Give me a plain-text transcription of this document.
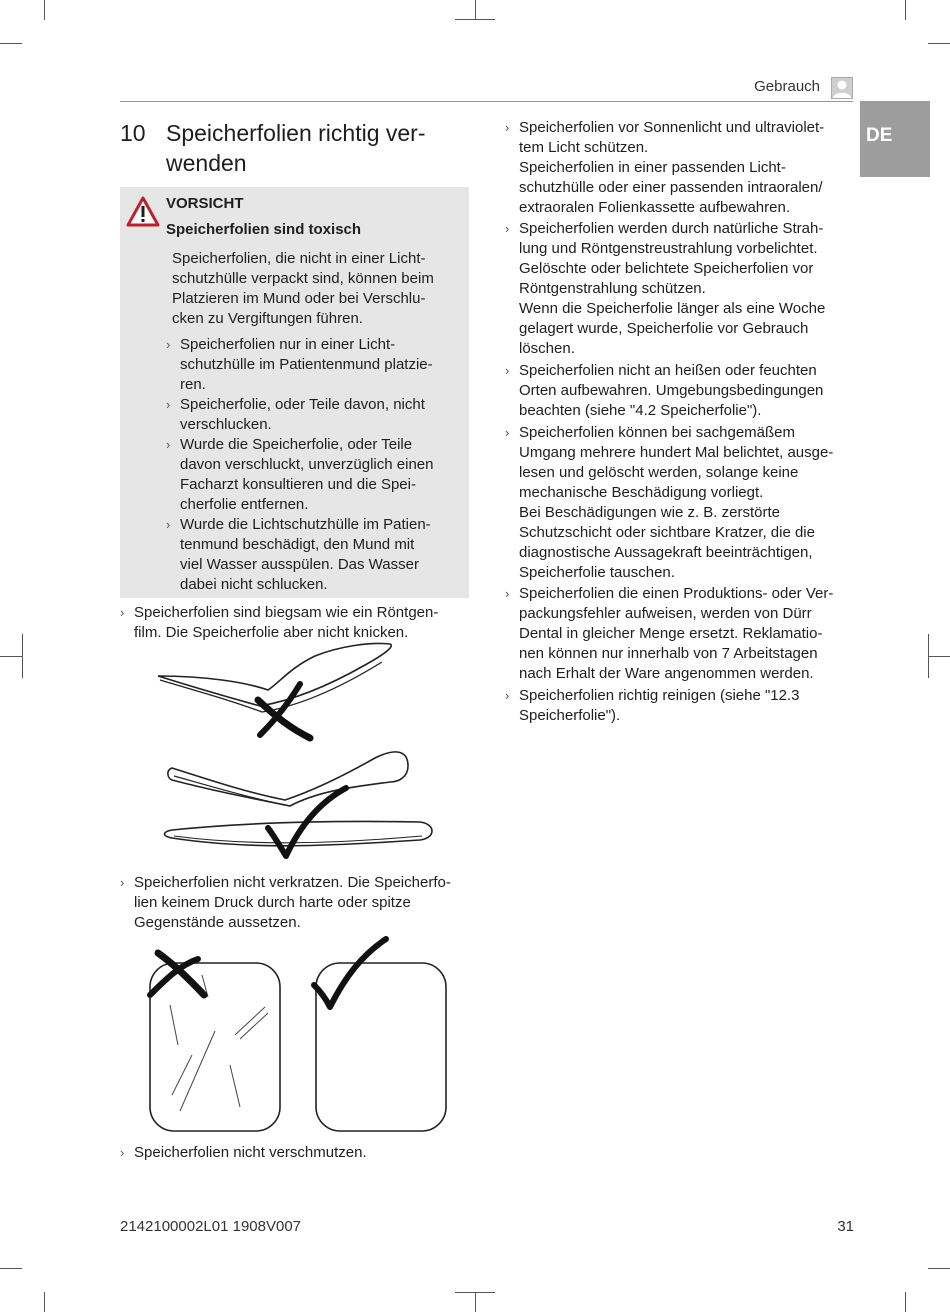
Gebrauch
DE
10 Speicherfolien richtig ver-
wenden
VORSICHT
Speicherfolien sind toxisch
Speicherfolien, die nicht in einer Licht-
schutzhülle verpackt sind, können beim
Platzieren im Mund oder bei Verschlu-
cken zu Vergiftungen führen.
› Speicherfolien nur in einer Licht-
schutzhülle im Patientenmund platzie-
ren.
› Speicherfolie, oder Teile davon, nicht
verschlucken.
› Wurde die Speicherfolie, oder Teile
davon verschluckt, unverzüglich einen
Facharzt konsultieren und die Spei-
cherfolie entfernen.
› Wurde die Lichtschutzhülle im Patien-
tenmund beschädigt, den Mund mit
viel Wasser ausspülen. Das Wasser
dabei nicht schlucken.
› Speicherfolien sind biegsam wie ein Röntgen-
film. Die Speicherfolie aber nicht knicken.
› Speicherfolien nicht verkratzen. Die Speicherfo-
lien keinem Druck durch harte oder spitze
Gegenstände aussetzen.
› Speicherfolien nicht verschmutzen.
› Speicherfolien vor Sonnenlicht und ultraviolet-
tem Licht schützen.
Speicherfolien in einer passenden Licht-
schutzhülle oder einer passenden intraoralen/
extraoralen Folienkassette aufbewahren.
› Speicherfolien werden durch natürliche Strah-
lung und Röntgenstreustrahlung vorbelichtet.
Gelöschte oder belichtete Speicherfolien vor
Röntgenstrahlung schützen.
Wenn die Speicherfolie länger als eine Woche
gelagert wurde, Speicherfolie vor Gebrauch
löschen.
› Speicherfolien nicht an heißen oder feuchten
Orten aufbewahren. Umgebungsbedingungen
beachten (siehe "4.2 Speicherfolie").
› Speicherfolien können bei sachgemäßem
Umgang mehrere hundert Mal belichtet, ausge-
lesen und gelöscht werden, solange keine
mechanische Beschädigung vorliegt.
Bei Beschädigungen wie z. B. zerstörte
Schutzschicht oder sichtbare Kratzer, die die
diagnostische Aussagekraft beeinträchtigen,
Speicherfolie tauschen.
› Speicherfolien die einen Produktions- oder Ver-
packungsfehler aufweisen, werden von Dürr
Dental in gleicher Menge ersetzt. Reklamatio-
nen können nur innerhalb von 7 Arbeitstagen
nach Erhalt der Ware angenommen werden.
› Speicherfolien richtig reinigen (siehe "12.3
Speicherfolie").
2142100002L01 1908V007	31
